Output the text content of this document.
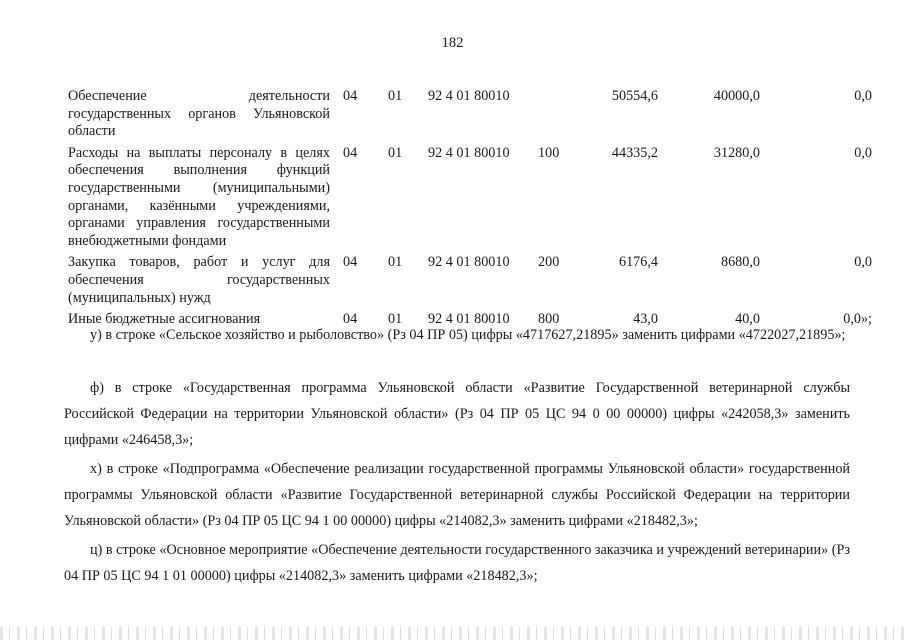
182
Обеспечение деятельности государственных органов Ульяновской области	04	01	92 4 01 80010		50554,6	40000,0	0,0
Расходы на выплаты персоналу в целях обеспечения выполнения функций государственными (муниципальными) органами, казёнными учреждениями, органами управления государственными внебюджетными фондами	04	01	92 4 01 80010	100	44335,2	31280,0	0,0
Закупка товаров, работ и услуг для обеспечения государственных (муниципальных) нужд	04	01	92 4 01 80010	200	6176,4	8680,0	0,0
Иные бюджетные ассигнования	04	01	92 4 01 80010	800	43,0	40,0	0,0»;

у) в строке «Сельское хозяйство и рыболовство» (Рз 04 ПР 05) цифры «4717627,21895» заменить цифрами «4722027,21895»;

ф) в строке «Государственная программа Ульяновской области «Развитие Государственной ветеринарной службы Российской Федерации на территории Ульяновской области» (Рз 04 ПР 05 ЦС 94 0 00 00000) цифры «242058,3» заменить цифрами «246458,3»;

х) в строке «Подпрограмма «Обеспечение реализации государственной программы Ульяновской области» государственной программы Ульяновской области «Развитие Государственной ветеринарной службы Российской Федерации на территории Ульяновской области» (Рз 04 ПР 05 ЦС 94 1 00 00000) цифры «214082,3» заменить цифрами «218482,3»;

ц) в строке «Основное мероприятие «Обеспечение деятельности государственного заказчика и учреждений ветеринарии» (Рз 04 ПР 05 ЦС 94 1 01 00000) цифры «214082,3» заменить цифрами «218482,3»;
